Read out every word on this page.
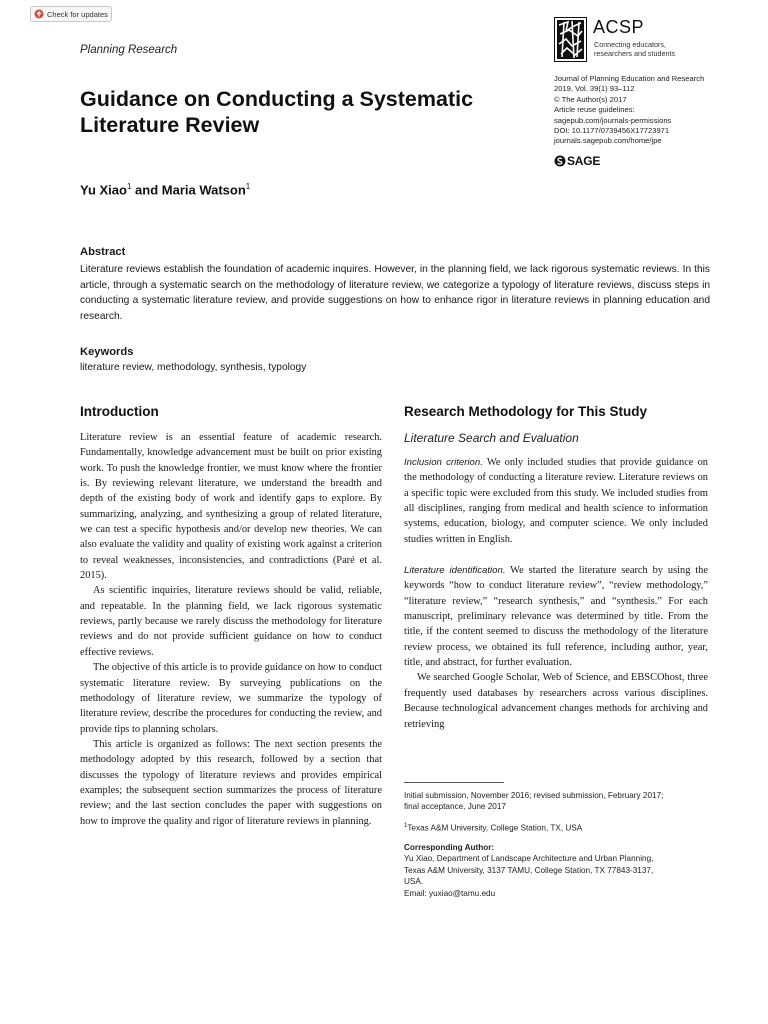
Check for updates
Planning Research
Guidance on Conducting a Systematic Literature Review
ACSP
Connecting educators,
researchers and students
Journal of Planning Education and Research
2019, Vol. 39(1) 93–112
© The Author(s) 2017
Article reuse guidelines:
sagepub.com/journals-permissions
DOI: 10.1177/0739456X17723971
journals.sagepub.com/home/jpe
SAGE
Yu Xiao$^1$ and Maria Watson$^1$
Abstract
Literature reviews establish the foundation of academic inquires. However, in the planning field, we lack rigorous systematic reviews. In this article, through a systematic search on the methodology of literature review, we categorize a typology of literature reviews, discuss steps in conducting a systematic literature review, and provide suggestions on how to enhance rigor in literature reviews in planning education and research.
Keywords
literature review, methodology, synthesis, typology
Introduction

Literature review is an essential feature of academic research. Fundamentally, knowledge advancement must be built on prior existing work. To push the knowledge frontier, we must know where the frontier is. By reviewing relevant literature, we understand the breadth and depth of the existing body of work and identify gaps to explore. By summarizing, analyzing, and synthesizing a group of related literature, we can test a specific hypothesis and/or develop new theories. We can also evaluate the validity and quality of existing work against a criterion to reveal weaknesses, inconsistencies, and contradictions (Paré et al. 2015).

As scientific inquiries, literature reviews should be valid, reliable, and repeatable. In the planning field, we lack rigorous systematic reviews, partly because we rarely discuss the methodology for literature reviews and do not provide sufficient guidance on how to conduct effective reviews.

The objective of this article is to provide guidance on how to conduct systematic literature review. By surveying publications on the methodology of literature review, we summarize the typology of literature review, describe the procedures for conducting the review, and provide tips to planning scholars.

This article is organized as follows: The next section presents the methodology adopted by this research, followed by a section that discusses the typology of literature reviews and provides empirical examples; the subsequent section summarizes the process of literature review; and the last section concludes the paper with suggestions on how to improve the quality and rigor of literature reviews in planning.

Research Methodology for This Study
Literature Search and Evaluation

Inclusion criterion. We only included studies that provide guidance on the methodology of conducting a literature review. Literature reviews on a specific topic were excluded from this study. We included studies from all disciplines, ranging from medical and health science to information systems, education, biology, and computer science. We only included studies written in English.

Literature identification. We started the literature search by using the keywords “how to conduct literature review”, “review methodology,” “literature review,” “research synthesis,” and “synthesis.” For each manuscript, preliminary relevance was determined by title. From the title, if the content seemed to discuss the methodology of the literature review process, we obtained its full reference, including author, year, title, and abstract, for further evaluation.

We searched Google Scholar, Web of Science, and EBSCOhost, three frequently used databases by researchers across various disciplines. Because technological advancement changes methods for archiving and retrieving

Initial submission, November 2016; revised submission, February 2017;

final acceptance, June 2017

$^1$Texas A&M University, College Station, TX, USA

Corresponding Author:

Yu Xiao, Department of Landscape Architecture and Urban Planning,

Texas A&M University, 3137 TAMU, College Station, TX 77843-3137,

USA.

Email: yuxiao@tamu.edu
